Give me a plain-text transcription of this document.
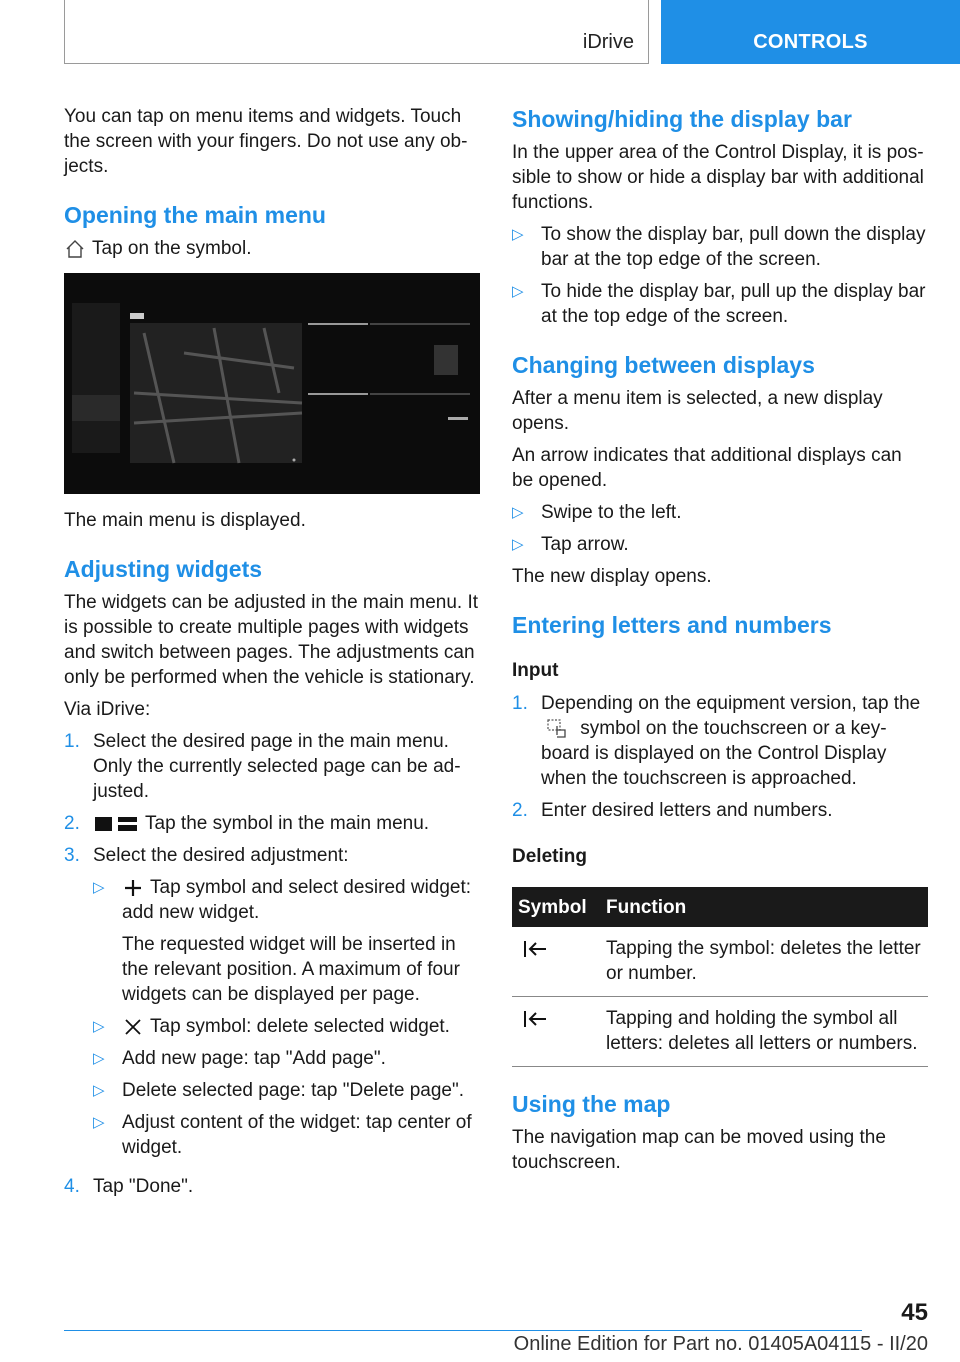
iDrive	CONTROLS

You can tap on menu items and widgets. Touch the screen with your fingers. Do not use any objects.

Opening the main menu
Tap on the symbol.

The main menu is displayed.

Adjusting widgets

The widgets can be adjusted in the main menu. It is possible to create multiple pages with widgets and switch between pages. The adjustments can only be performed when the vehicle is stationary.

Via iDrive:

1. Select the desired page in the main menu. Only the currently selected page can be adjusted.
2.	Tap the symbol in the main menu.
3. Select the desired adjustment:
▷	Tap symbol and select desired widget: add new widget.

The requested widget will be inserted in the relevant position. A maximum of four widgets can be displayed per page.

▷	Tap symbol: delete selected widget.
▷ Add new page: tap "Add page".
▷ Delete selected page: tap "Delete page".
▷ Adjust content of the widget: tap center of widget.
4. Tap "Done".
Showing/hiding the display bar

In the upper area of the Control Display, it is possible to show or hide a display bar with additional functions.

▷ To show the display bar, pull down the display bar at the top edge of the screen.
▷ To hide the display bar, pull up the display bar at the top edge of the screen.
Changing between displays

After a menu item is selected, a new display opens.

An arrow indicates that additional displays can be opened.

▷ Swipe to the left.
▷ Tap arrow.

The new display opens.

Entering letters and numbers
Input
1. Depending on the equipment version, tap the  symbol on the touchscreen or a keyboard is displayed on the Control Display when the touchscreen is approached.
2. Enter desired letters and numbers.
Deleting
Symbol	Function
	Tapping the symbol: deletes the letter or number.
	Tapping and holding the symbol all letters: deletes all letters or numbers.
Using the map

The navigation map can be moved using the touchscreen.

45
Online Edition for Part no. 01405A04115 - II/20
